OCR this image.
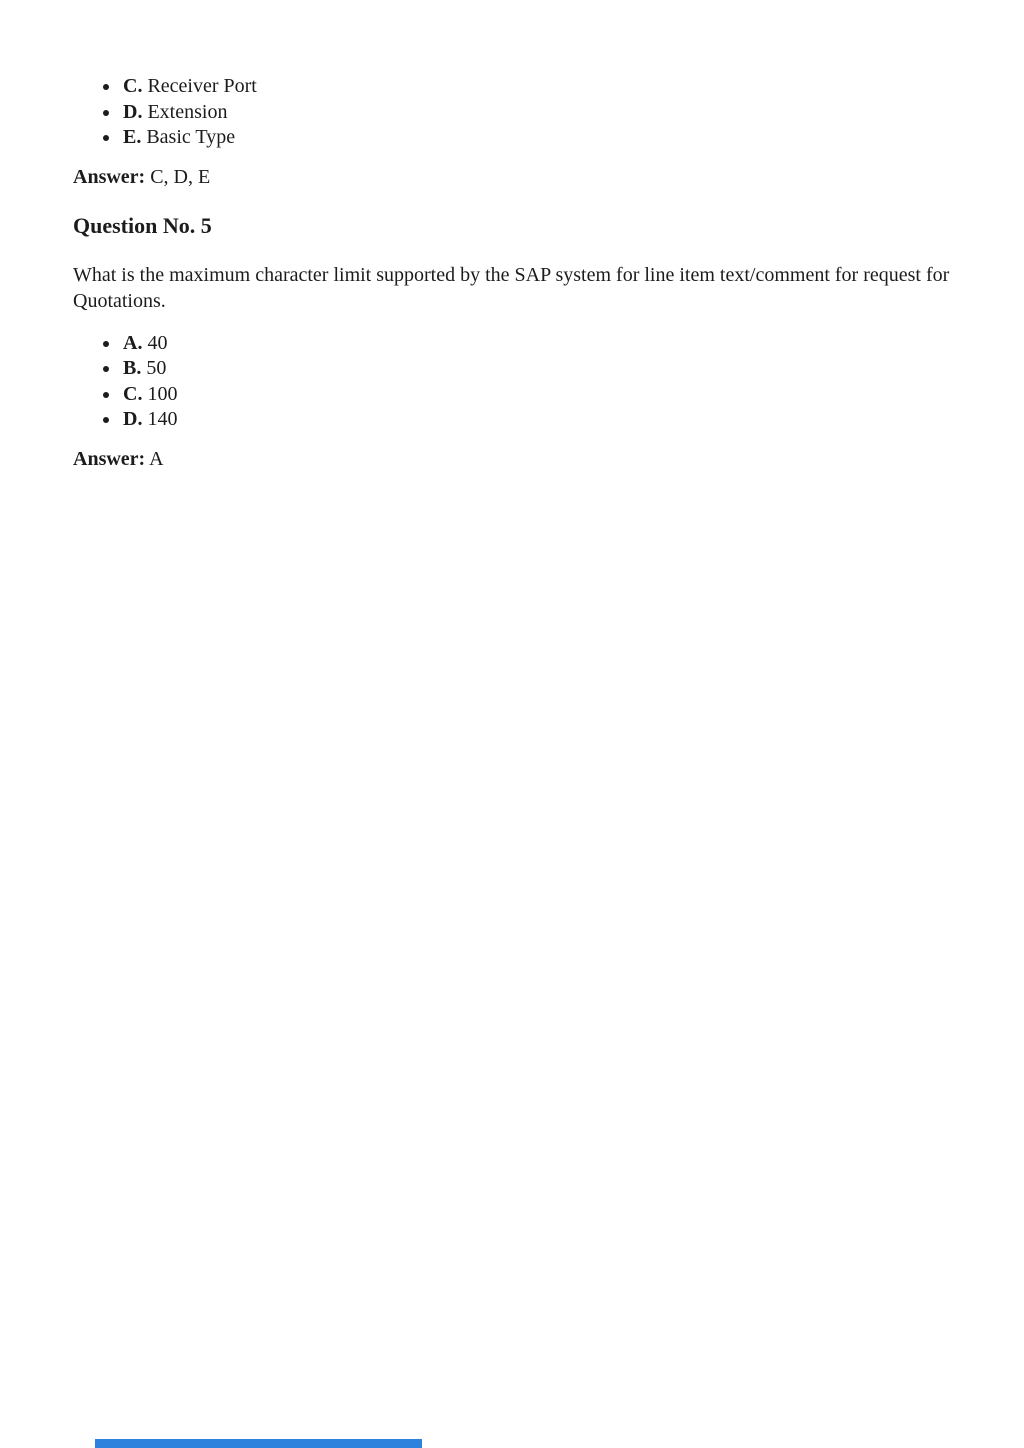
• C. Receiver Port
• D. Extension
• E. Basic Type

Answer: C, D, E

Question No. 5

What is the maximum character limit supported by the SAP system for line item text/comment for request for Quotations.

• A. 40
• B. 50
• C. 100
• D. 140

Answer: A
